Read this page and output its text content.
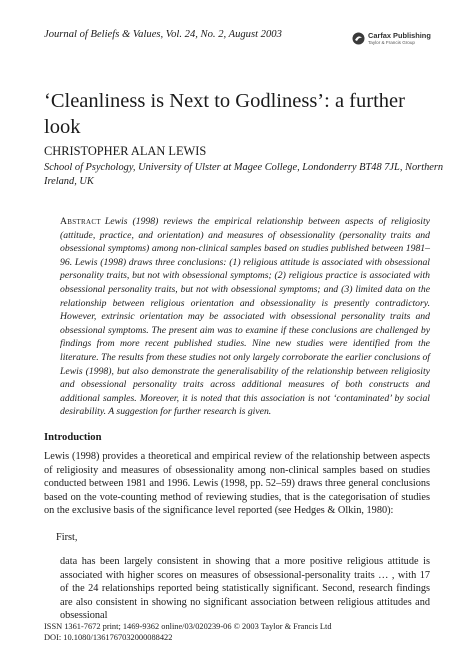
Journal of Beliefs & Values, Vol. 24, No. 2, August 2003	Carfax Publishing
Taylor & Francis Group
‘Cleanliness is Next to Godliness’: a further look
CHRISTOPHER ALAN LEWIS
School of Psychology, University of Ulster at Magee College, Londonderry BT48 7JL, Northern Ireland, UK

Abstract Lewis (1998) reviews the empirical relationship between aspects of religiosity (attitude, practice, and orientation) and measures of obsessionality (personality traits and obsessional symptoms) among non-clinical samples based on studies published between 1981–96. Lewis (1998) draws three conclusions: (1) religious attitude is associated with obsessional personality traits, but not with obsessional symptoms; (2) religious practice is associated with obsessional personality traits, but not with obsessional symptoms; and (3) limited data on the relationship between religious orientation and obsessionality is presently contradictory. However, extrinsic orientation may be associated with obsessional personality traits and obsessional symptoms. The present aim was to examine if these conclusions are challenged by findings from more recent published studies. Nine new studies were identified from the literature. The results from these studies not only largely corroborate the earlier conclusions of Lewis (1998), but also demonstrate the generalisability of the relationship between religiosity and obsessional personality traits across additional measures of both constructs and additional samples. Moreover, it is noted that this association is not ‘contaminated’ by social desirability. A suggestion for further research is given.

Introduction

Lewis (1998) provides a theoretical and empirical review of the relationship between aspects of religiosity and measures of obsessionality among non-clinical samples based on studies conducted between 1981 and 1996. Lewis (1998, pp. 52–59) draws three general conclusions based on the vote-counting method of reviewing studies, that is the categorisation of studies on the exclusive basis of the significance level reported (see Hedges & Olkin, 1980):

First,

data has been largely consistent in showing that a more positive religious attitude is associated with higher scores on measures of obsessional-personality traits … , with 17 of the 24 relationships reported being statistically significant. Second, research findings are also consistent in showing no significant association between religious attitudes and obsessional

ISSN 1361-7672 print; 1469-9362 online/03/020239-06 © 2003 Taylor & Francis Ltd
DOI: 10.1080/1361767032000088422
